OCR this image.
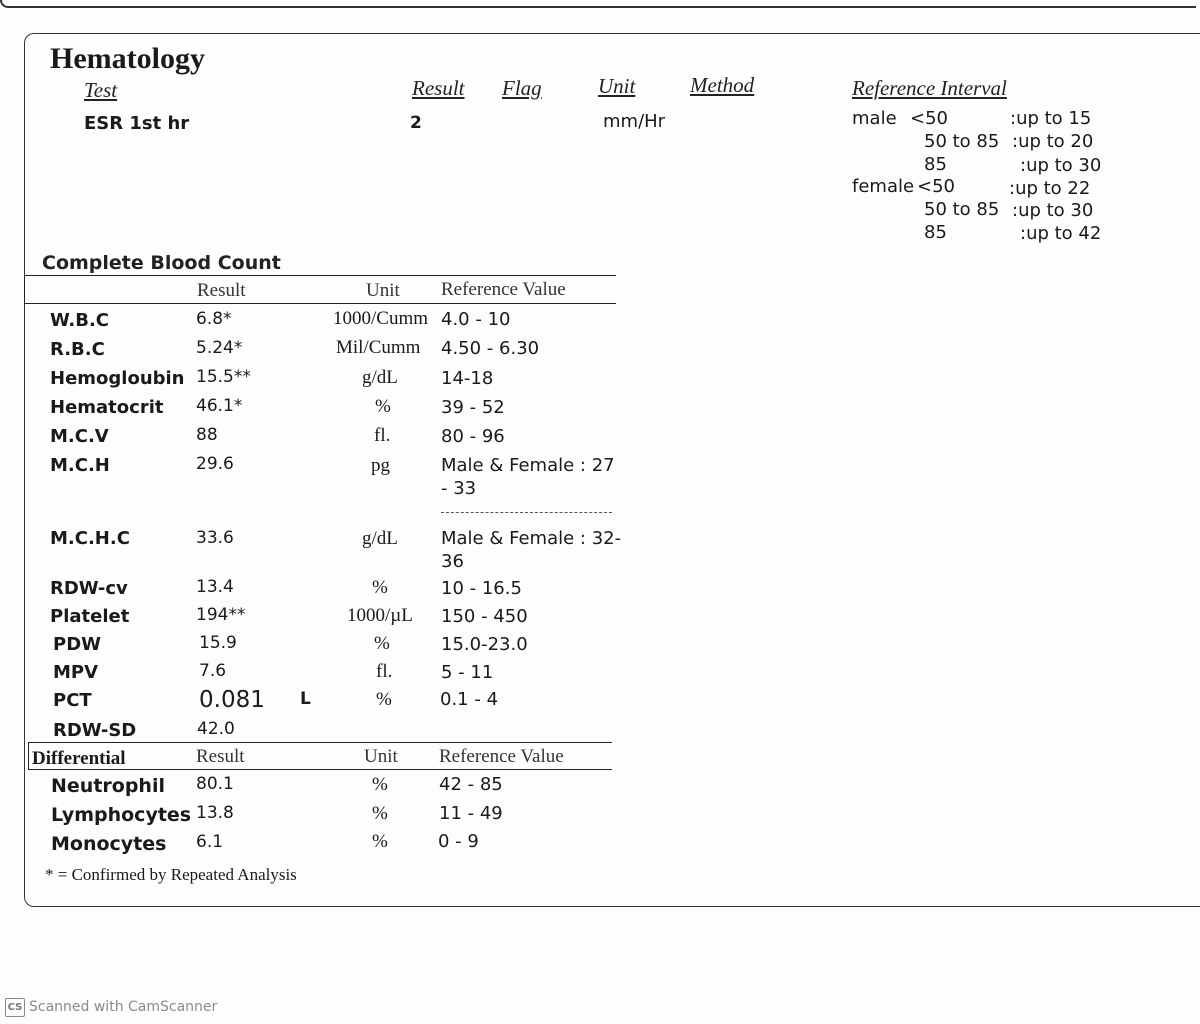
Hematology
Test	Result Flag	Unit	Method	Reference Interval
ESR 1st hr	2	mm/Hr	male <50	:up to 15
50 to 85 :up to 20
85	:up to 30
female <50	:up to 22
50 to 85 :up to 30
85	:up to 42
Complete Blood Count
Result	Unit Reference Value
W.B.C	6.8*	1000/Cumm 4.0 - 10
R.B.C	5.24*	Mil/Cumm 4.50 - 6.30
Hemogloubin 15.5**	g/dL 14-18
Hematocrit 46.1*	%	39 - 52
M.C.V	88	fl.	80 - 96
M.C.H	29.6	pg	Male & Female : 27
- 33
M.C.H.C	33.6	g/dL Male & Female : 32-
36
RDW-cv	13.4	%	10 - 16.5
Platelet	194**	1000/µL 150 - 450
PDW	15.9	%	15.0-23.0
MPV	7.6	fl.	5 - 11
PCT	0.081 L	%	0.1 - 4
RDW-SD	42.0
Differential	Result	Unit Reference Value
Neutrophil 80.1	%	42 - 85
Lymphocytes 13.8	%	11 - 49
Monocytes 6.1	%	0 - 9
* = Confirmed by Repeated Analysis
CS Scanned with CamScanner
